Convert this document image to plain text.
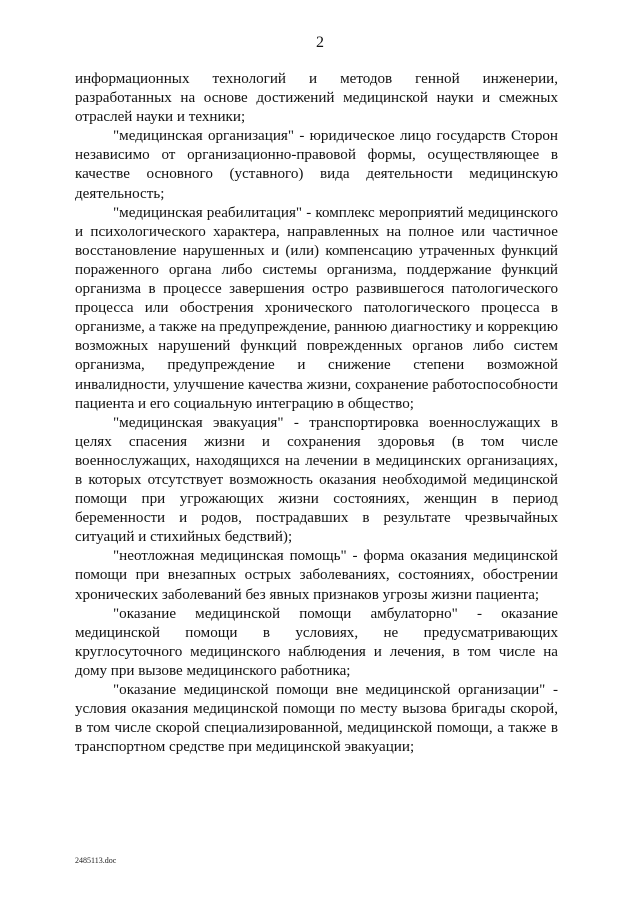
2

информационных технологий и методов генной инженерии, разработанных на основе достижений медицинской науки и смежных отраслей науки и техники;

"медицинская организация" - юридическое лицо государств Сторон независимо от организационно-правовой формы, осуществляющее в качестве основного (уставного) вида деятельности медицинскую деятельность;

"медицинская реабилитация" - комплекс мероприятий медицинского и психологического характера, направленных на полное или частичное восстановление нарушенных и (или) компенсацию утраченных функций пораженного органа либо системы организма, поддержание функций организма в процессе завершения остро развившегося патологического процесса или обострения хронического патологического процесса в организме, а также на предупреждение, раннюю диагностику и коррекцию возможных нарушений функций поврежденных органов либо систем организма, предупреждение и снижение степени возможной инвалидности, улучшение качества жизни, сохранение работоспособности пациента и его социальную интеграцию в общество;

"медицинская эвакуация" - транспортировка военнослужащих в целях спасения жизни и сохранения здоровья (в том числе военнослужащих, находящихся на лечении в медицинских организациях, в которых отсутствует возможность оказания необходимой медицинской помощи при угрожающих жизни состояниях, женщин в период беременности и родов, пострадавших в результате чрезвычайных ситуаций и стихийных бедствий);

"неотложная медицинская помощь" - форма оказания медицинской помощи при внезапных острых заболеваниях, состояниях, обострении хронических заболеваний без явных признаков угрозы жизни пациента;

"оказание медицинской помощи амбулаторно" - оказание медицинской помощи в условиях, не предусматривающих круглосуточного медицинского наблюдения и лечения, в том числе на дому при вызове медицинского работника;

"оказание медицинской помощи вне медицинской организации" - условия оказания медицинской помощи по месту вызова бригады скорой, в том числе скорой специализированной, медицинской помощи, а также в транспортном средстве при медицинской эвакуации;

2485113.doc
